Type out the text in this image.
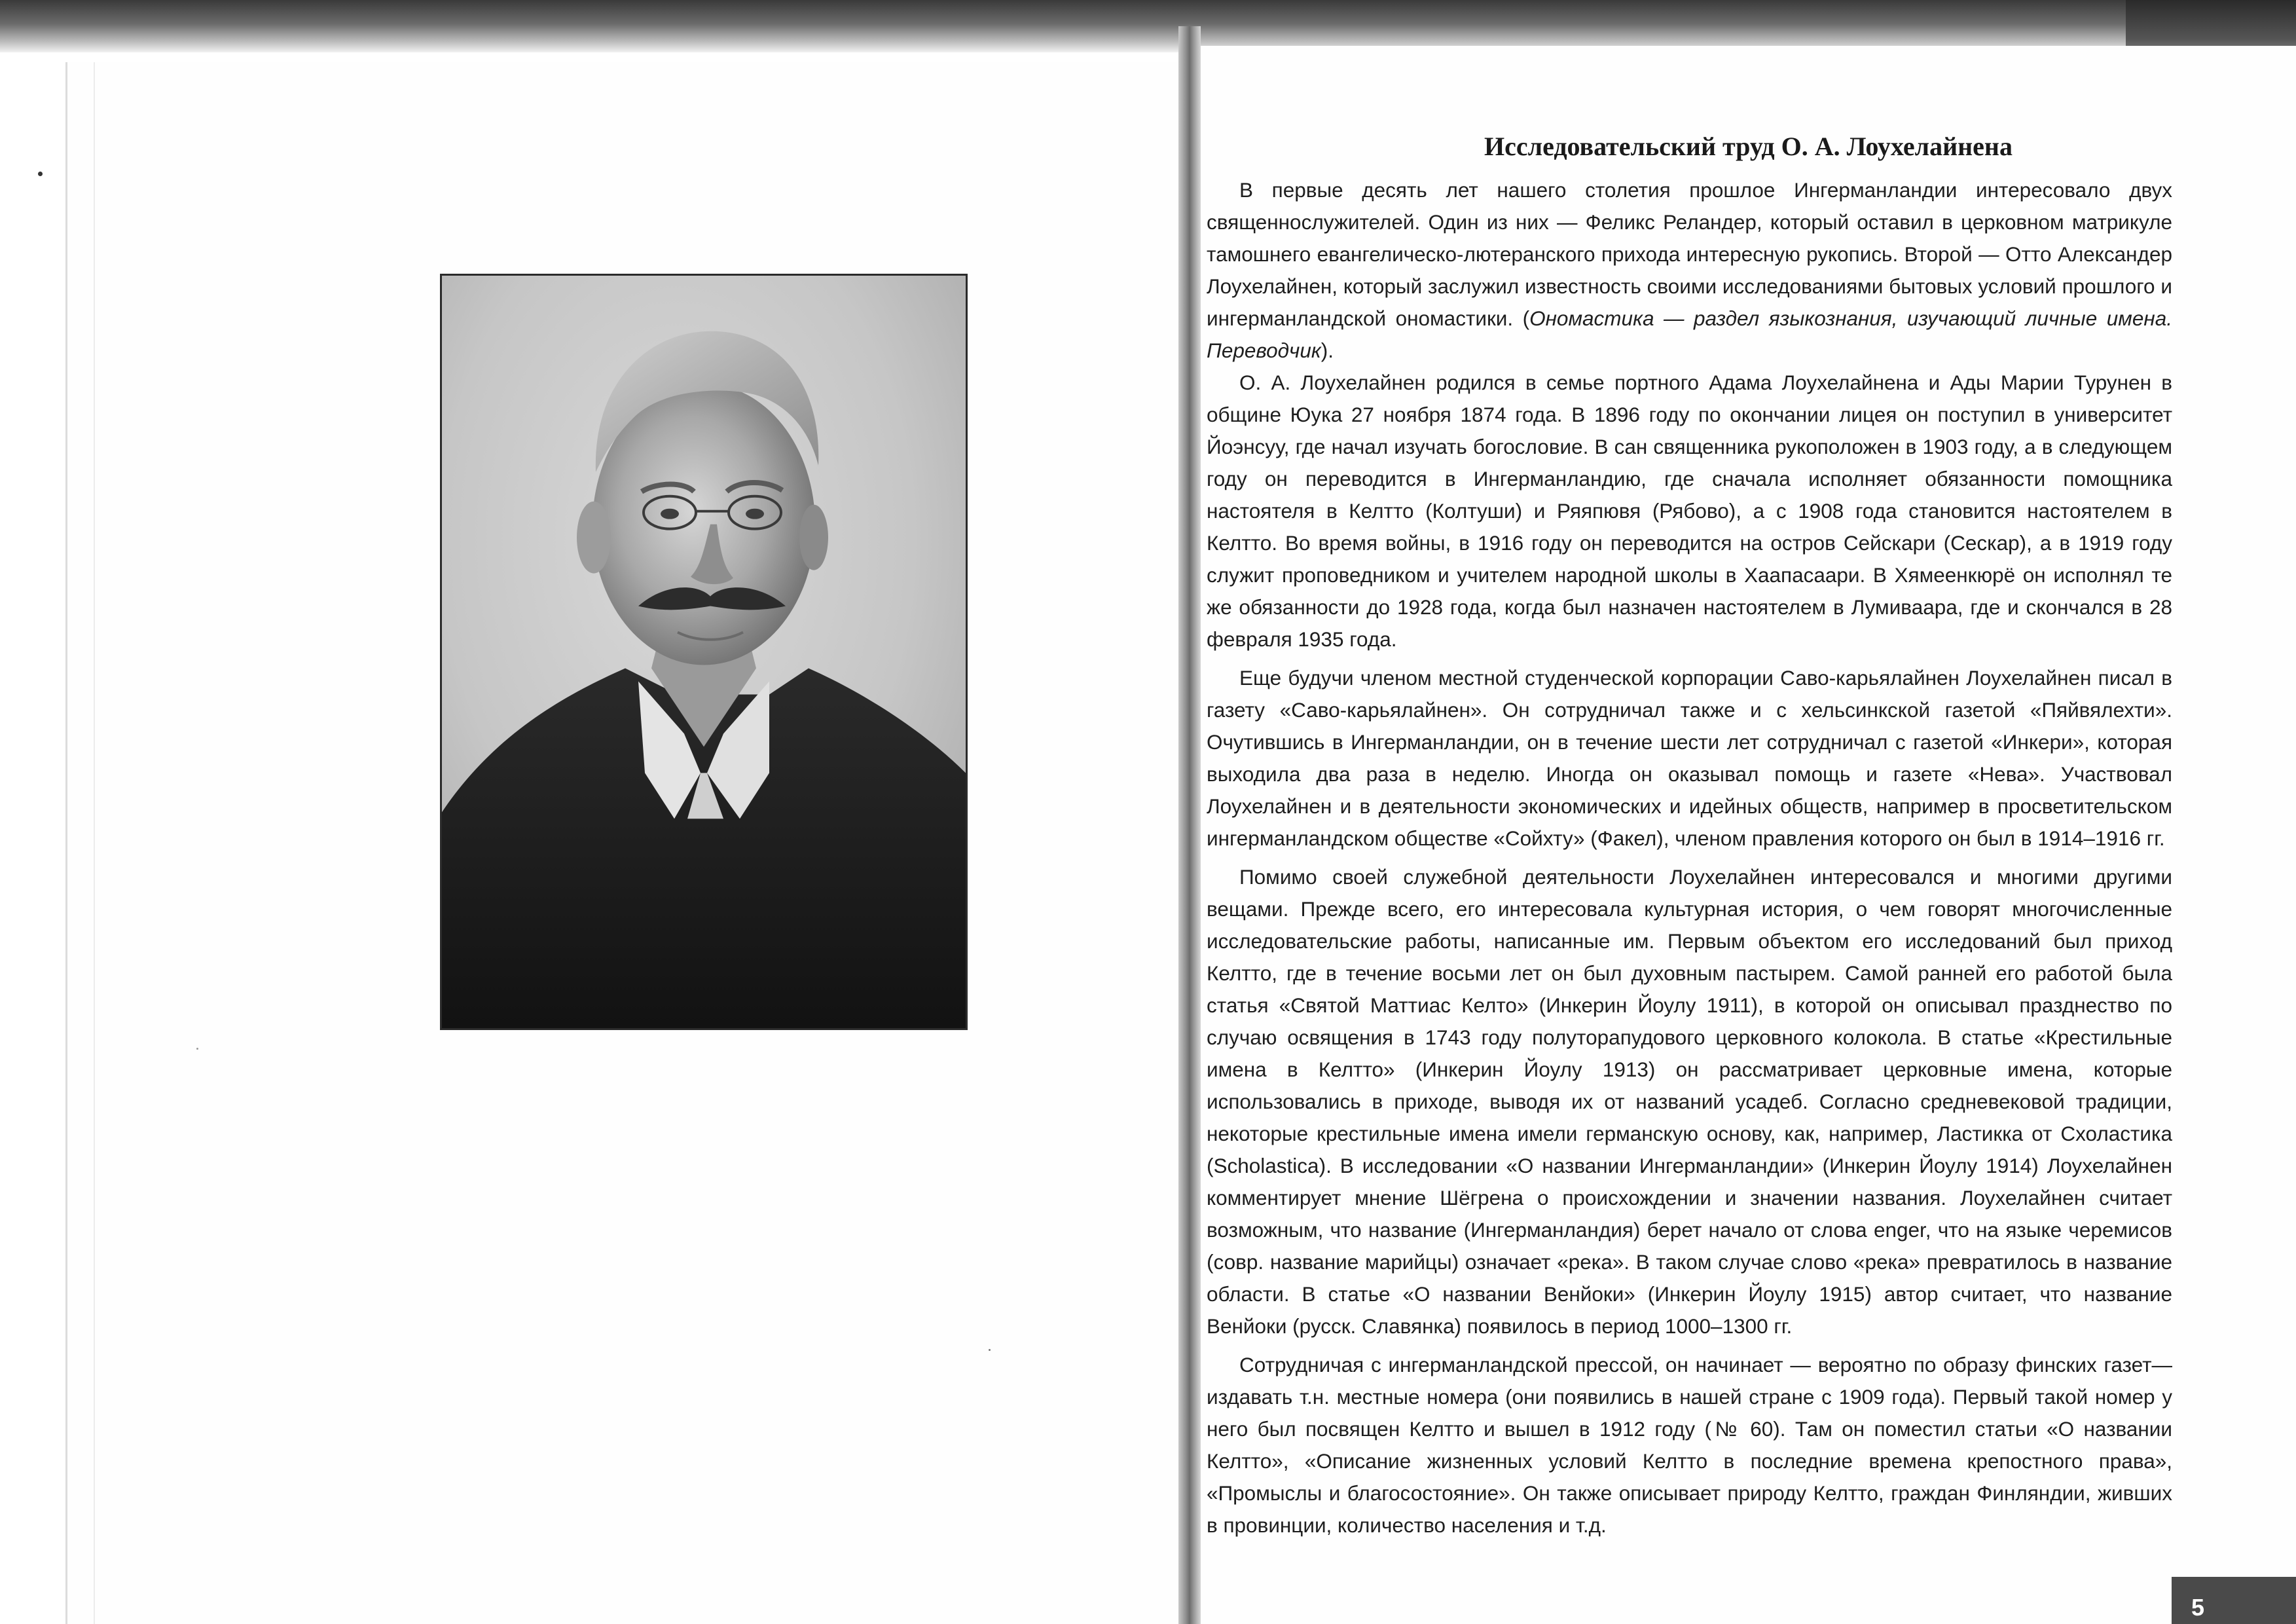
Исследовательский труд О. А. Лоухелайнена

В первые десять лет нашего столетия прошлое Ингерманландии интересовало двух священнослужителей. Один из них — Феликс Реландер, который оставил в церковном матрикуле тамошнего евангелическо-лютеранского прихода интересную рукопись. Второй — Отто Александер Лоухелайнен, который заслужил известность своими исследованиями бытовых условий прошлого и ингерманландской ономастики. (Ономастика — раздел языкознания, изучающий личные имена. Переводчик).

О. А. Лоухелайнен родился в семье портного Адама Лоухелайнена и Ады Марии Турунен в общине Юука 27 ноября 1874 года. В 1896 году по окончании лицея он поступил в университет Йоэнсуу, где начал изучать богословие. В сан священника рукоположен в 1903 году, а в следующем году он переводится в Ингерманландию, где сначала исполняет обязанности помощника настоятеля в Келтто (Колтуши) и Ряяпювя (Рябово), а с 1908 года становится настоятелем в Келтто. Во время войны, в 1916 году он переводится на остров Сейскари (Сескар), а в 1919 году служит проповедником и учителем народной школы в Хаапасаари. В Хямеенкюрё он исполнял те же обязанности до 1928 года, когда был назначен настоятелем в Лумиваара, где и скончался в 28 февраля 1935 года.

Еще будучи членом местной студенческой корпорации Саво-карьялайнен Лоухелайнен писал в газету «Саво-карьялайнен». Он сотрудничал также и с хельсинкской газетой «Пяйвялехти». Очутившись в Ингерманландии, он в течение шести лет сотрудничал с газетой «Инкери», которая выходила два раза в неделю. Иногда он оказывал помощь и газете «Нева». Участвовал Лоухелайнен и в деятельности экономических и идейных обществ, например в просветительском ингерманландском обществе «Сойхту» (Факел), членом правления которого он был в 1914–1916 гг.

Помимо своей служебной деятельности Лоухелайнен интересовался и многими другими вещами. Прежде всего, его интересовала культурная история, о чем говорят многочисленные исследовательские работы, написанные им. Первым объектом его исследований был приход Келтто, где в течение восьми лет он был духовным пастырем. Самой ранней его работой была статья «Святой Маттиас Келто» (Инкерин Йоулу 1911), в которой он описывал празднество по случаю освящения в 1743 году полуторапудового церковного колокола. В статье «Крестильные имена в Келтто» (Инкерин Йоулу 1913) он рассматривает церковные имена, которые использовались в приходе, выводя их от названий усадеб. Согласно средневековой традиции, некоторые крестильные имена имели германскую основу, как, например, Ластикка от Схоластика (Scholastica). В исследовании «О названии Ингерманландии» (Инкерин Йоулу 1914) Лоухелайнен комментирует мнение Шёгрена о происхождении и значении названия. Лоухелайнен считает возможным, что название (Ингерманландия) берет начало от слова enger, что на языке черемисов (совр. название марийцы) означает «река». В таком случае слово «река» превратилось в название области. В статье «О названии Венйоки» (Инкерин Йоулу 1915) автор считает, что название Венйоки (русск. Славянка) появилось в период 1000–1300 гг.

Сотрудничая с ингерманландской прессой, он начинает — вероятно по образу финских газет— издавать т.н. местные номера (они появились в нашей стране с 1909 года). Первый такой номер у него был посвящен Келтто и вышел в 1912 году (№ 60). Там он поместил статьи «О названии Келтто», «Описание жизненных условий Келтто в последние времена крепостного права», «Промыслы и благосостояние». Он также описывает природу Келтто, граждан Финляндии, живших в провинции, количество населения и т.д.

5
